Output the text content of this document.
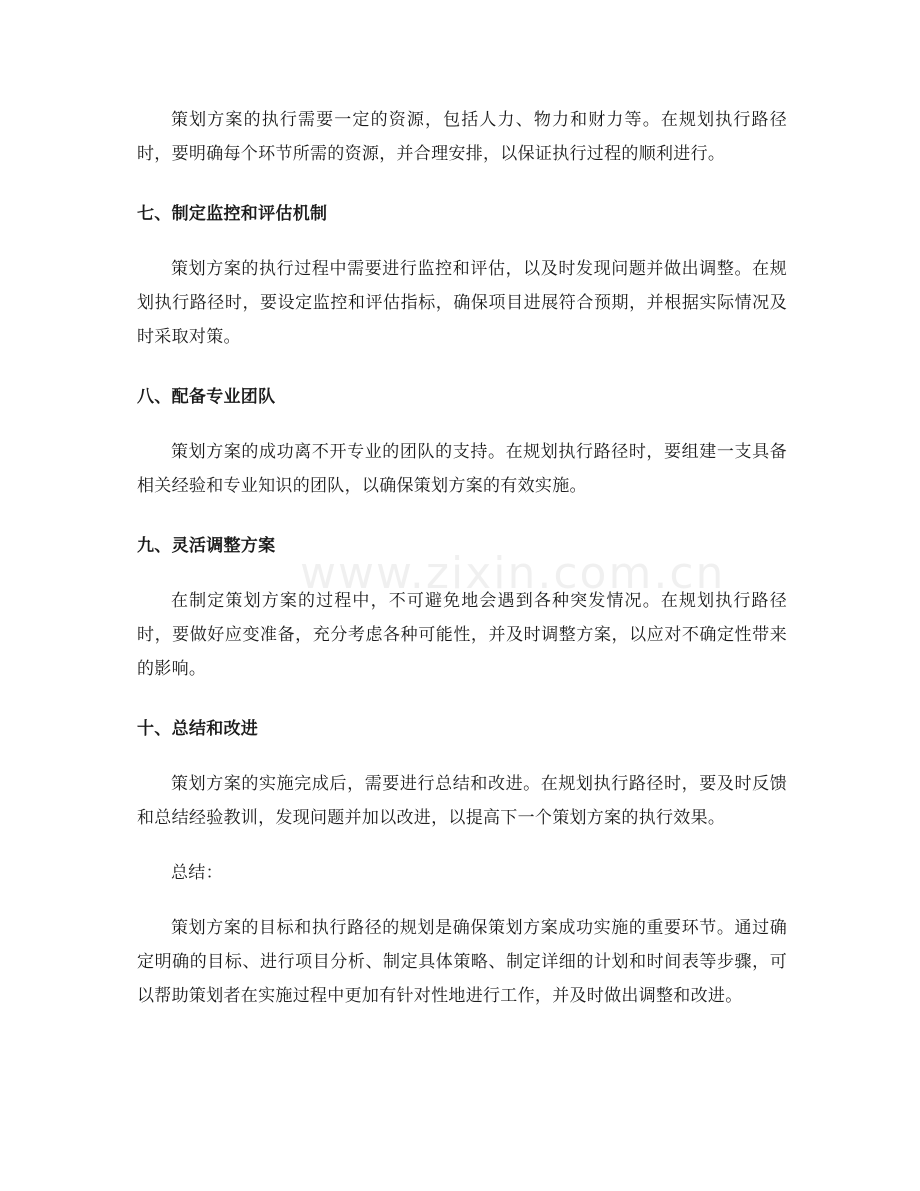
策划方案的执行需要一定的资源，包括人力、物力和财力等。在规划执行路径时，要明确每个环节所需的资源，并合理安排，以保证执行过程的顺利进行。

七、制定监控和评估机制

策划方案的执行过程中需要进行监控和评估，以及时发现问题并做出调整。在规划执行路径时，要设定监控和评估指标，确保项目进展符合预期，并根据实际情况及时采取对策。

八、配备专业团队

策划方案的成功离不开专业的团队的支持。在规划执行路径时，要组建一支具备相关经验和专业知识的团队，以确保策划方案的有效实施。

九、灵活调整方案

在制定策划方案的过程中，不可避免地会遇到各种突发情况。在规划执行路径时，要做好应变准备，充分考虑各种可能性，并及时调整方案，以应对不确定性带来的影响。

十、总结和改进

策划方案的实施完成后，需要进行总结和改进。在规划执行路径时，要及时反馈和总结经验教训，发现问题并加以改进，以提高下一个策划方案的执行效果。

总结：

策划方案的目标和执行路径的规划是确保策划方案成功实施的重要环节。通过确定明确的目标、进行项目分析、制定具体策略、制定详细的计划和时间表等步骤，可以帮助策划者在实施过程中更加有针对性地进行工作，并及时做出调整和改进。

www.zixin.com.cn
